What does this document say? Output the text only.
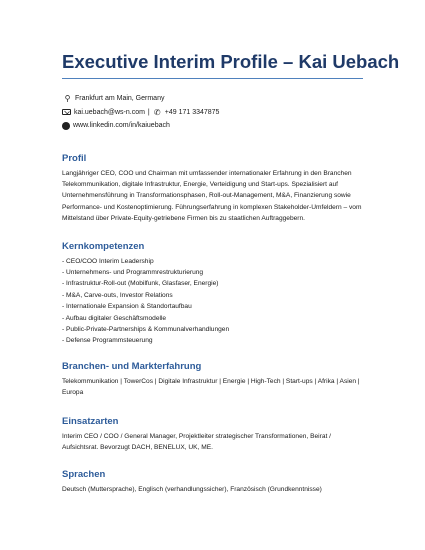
Executive Interim Profile – Kai Uebach
⚲ Frankfurt am Main, Germany
kai.uebach@ws-n.com | ✆ +49 171 3347875
www.linkedin.com/in/kaiuebach
Profil

Langjähriger CEO, COO und Chairman mit umfassender internationaler Erfahrung in den Branchen Telekommunikation, digitale Infrastruktur, Energie, Verteidigung und Start-ups. Spezialisiert auf Unternehmensführung in Transformationsphasen, Roll-out-Management, M&A, Finanzierung sowie Performance- und Kostenoptimierung. Führungserfahrung in komplexen Stakeholder-Umfeldern – vom Mittelstand über Private-Equity-getriebene Firmen bis zu staatlichen Auftraggebern.

Kernkompetenzen
- CEO/COO Interim Leadership
- Unternehmens- und Programmrestrukturierung
- Infrastruktur-Roll-out (Mobilfunk, Glasfaser, Energie)
- M&A, Carve-outs, Investor Relations
- Internationale Expansion & Standortaufbau
- Aufbau digitaler Geschäftsmodelle
- Public-Private-Partnerships & Kommunalverhandlungen
- Defense Programmsteuerung
Branchen- und Markterfahrung

Telekommunikation | TowerCos | Digitale Infrastruktur | Energie | High-Tech | Start-ups | Afrika | Asien | Europa

Einsatzarten

Interim CEO / COO / General Manager, Projektleiter strategischer Transformationen, Beirat / Aufsichtsrat. Bevorzugt DACH, BENELUX, UK, ME.

Sprachen

Deutsch (Muttersprache), Englisch (verhandlungssicher), Französisch (Grundkenntnisse)
